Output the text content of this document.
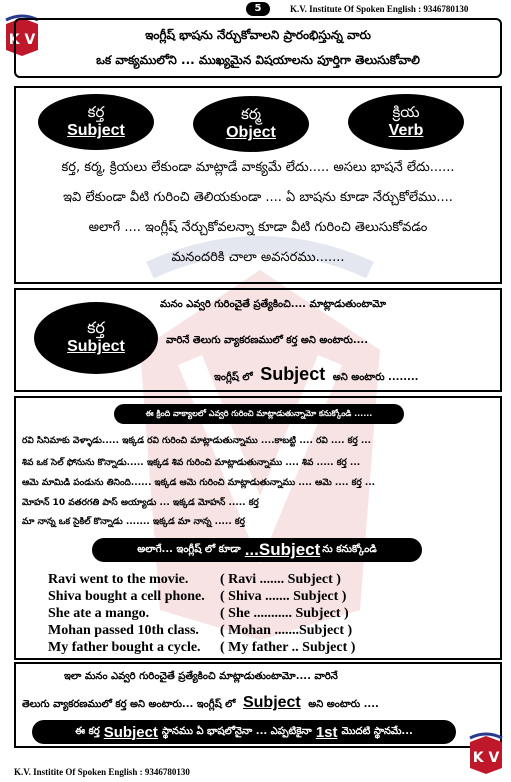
K V
5	K.V. Institute Of Spoken English : 9346780130
ఇంగ్లీష్ భాషను నేర్చుకోవాలని ప్రారంభిస్తున్న వారు
ఒక వాక్యములోని ... ముఖ్యమైన విషయాలను పూర్తిగా తెలుసుకోవాలి
కర్త
Subject
కర్మ
Object
క్రియ
Verb
కర్త, కర్మ, క్రియలు లేకుండా మాట్లాడే వాక్యమే లేదు..... అసలు భాషనే లేదు......
ఇవి లేకుండా వీటి గురించి తెలియకుండా .... ఏ బాషను కూడా నేర్చుకోలేము....
అలాగే .... ఇంగ్లీష్ నేర్చుకోవలన్నా కూడా వీటి గురించి తెలుసుకోవడం
మనందరికి చాలా అవసరము.......
కర్త
Subject
మనం ఎవ్వరి గురించైతే ప్రత్యేకించి.... మాట్లాడుతుంటామో
వారినే తెలుగు వ్యాకరణములో కర్త అని అంటారు....
ఇంగ్లీష్ లో Subject అని అంటారు ........
ఈ క్రింది వాక్యాలలో ఎవ్వరి గురించి మాట్లాడుతున్నామో కనుక్కోండి ......
రవి సినిమాకు వెళ్ళాడు..... ఇక్కడ రవి గురించి మాట్లాడుతున్నాము ....కాబట్టి .... రవి .... కర్త ...
శివ ఒక సెల్ ఫోనును కొన్నాడు..... ఇక్కడ శివ గురించి మాట్లాడుతున్నాము .... శివ ..... కర్త ...
ఆమె మామిడి పండును తినింది...... ఇక్కడ ఆమె గురించి మాట్లాడుతున్నాము .... ఆమె .... కర్త ...
మోహన్ 10 వతరగతి పాస్ అయ్యాడు ... ఇక్కడ మోహన్ ..... కర్త
మా నాన్న ఒక సైకిల్ కొన్నాడు ....... ఇక్కడ మా నాన్న ..... కర్త
అలాగే... ఇంగ్లీష్ లో కూడా ...Subject ను కనుక్కోండి
Ravi went to the movie. ( Ravi ....... Subject )
Shiva bought a cell phone. ( Shiva ....... Subject )
She ate a mango.	( She ........... Subject )
Mohan passed 10th class. ( Mohan .......Subject )
My father bought a cycle. ( My father .. Subject )
ఇలా మనం ఎవ్వరి గురించైతే ప్రత్యేకించి మాట్లాడుతుంటామో.... వారినే
తెలుగు వ్యాకరణములో కర్త అని అంటారు... ఇంగ్లీష్ లో Subject అని అంటారు ....
ఈ కర్త Subject స్థానము ఏ భాషలోనైనా ... ఎప్పటికైనా 1st మొదటి స్థానమే...
K.V. Institite Of Spoken English : 9346780130
K V
